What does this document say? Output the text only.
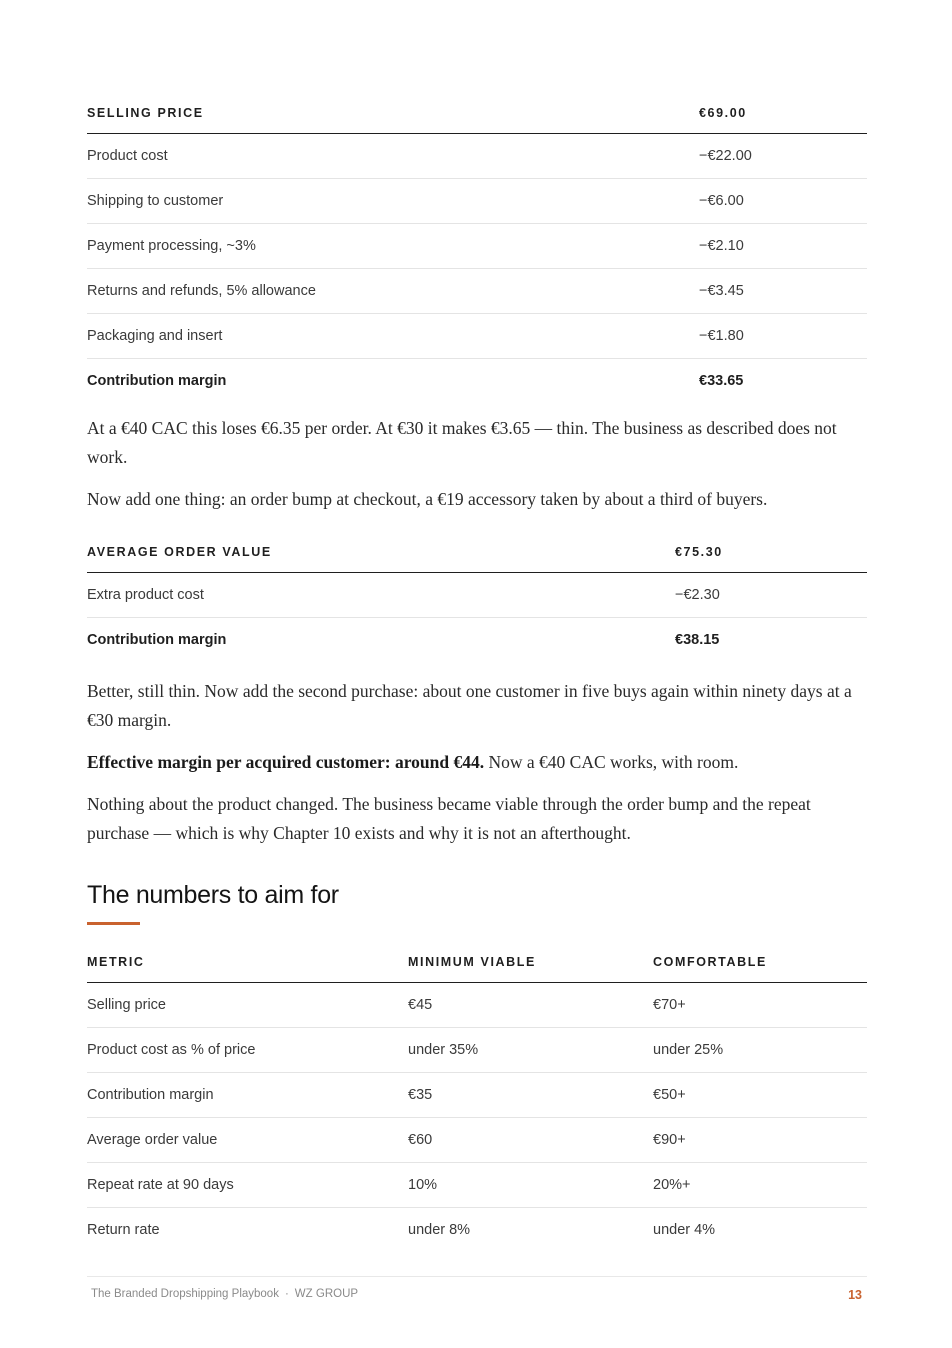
SELLING PRICE	€69.00
Product cost	−€22.00
Shipping to customer	−€6.00
Payment processing, ~3%	−€2.10
Returns and refunds, 5% allowance	−€3.45
Packaging and insert	−€1.80
Contribution margin	€33.65

At a €40 CAC this loses €6.35 per order. At €30 it makes €3.65 — thin. The business as described does not work.

Now add one thing: an order bump at checkout, a €19 accessory taken by about a third of buyers.

AVERAGE ORDER VALUE	€75.30
Extra product cost	−€2.30
Contribution margin	€38.15

Better, still thin. Now add the second purchase: about one customer in five buys again within ninety days at a €30 margin.

Effective margin per acquired customer: around €44. Now a €40 CAC works, with room.

Nothing about the product changed. The business became viable through the order bump and the repeat purchase — which is why Chapter 10 exists and why it is not an afterthought.

The numbers to aim for
METRIC	MINIMUM VIABLE	COMFORTABLE
Selling price	€45	€70+
Product cost as % of price	under 35%	under 25%
Contribution margin	€35	€50+
Average order value	€60	€90+
Repeat rate at 90 days	10%	20%+
Return rate	under 8%	under 4%
The Branded Dropshipping Playbook · WZ GROUP	13
